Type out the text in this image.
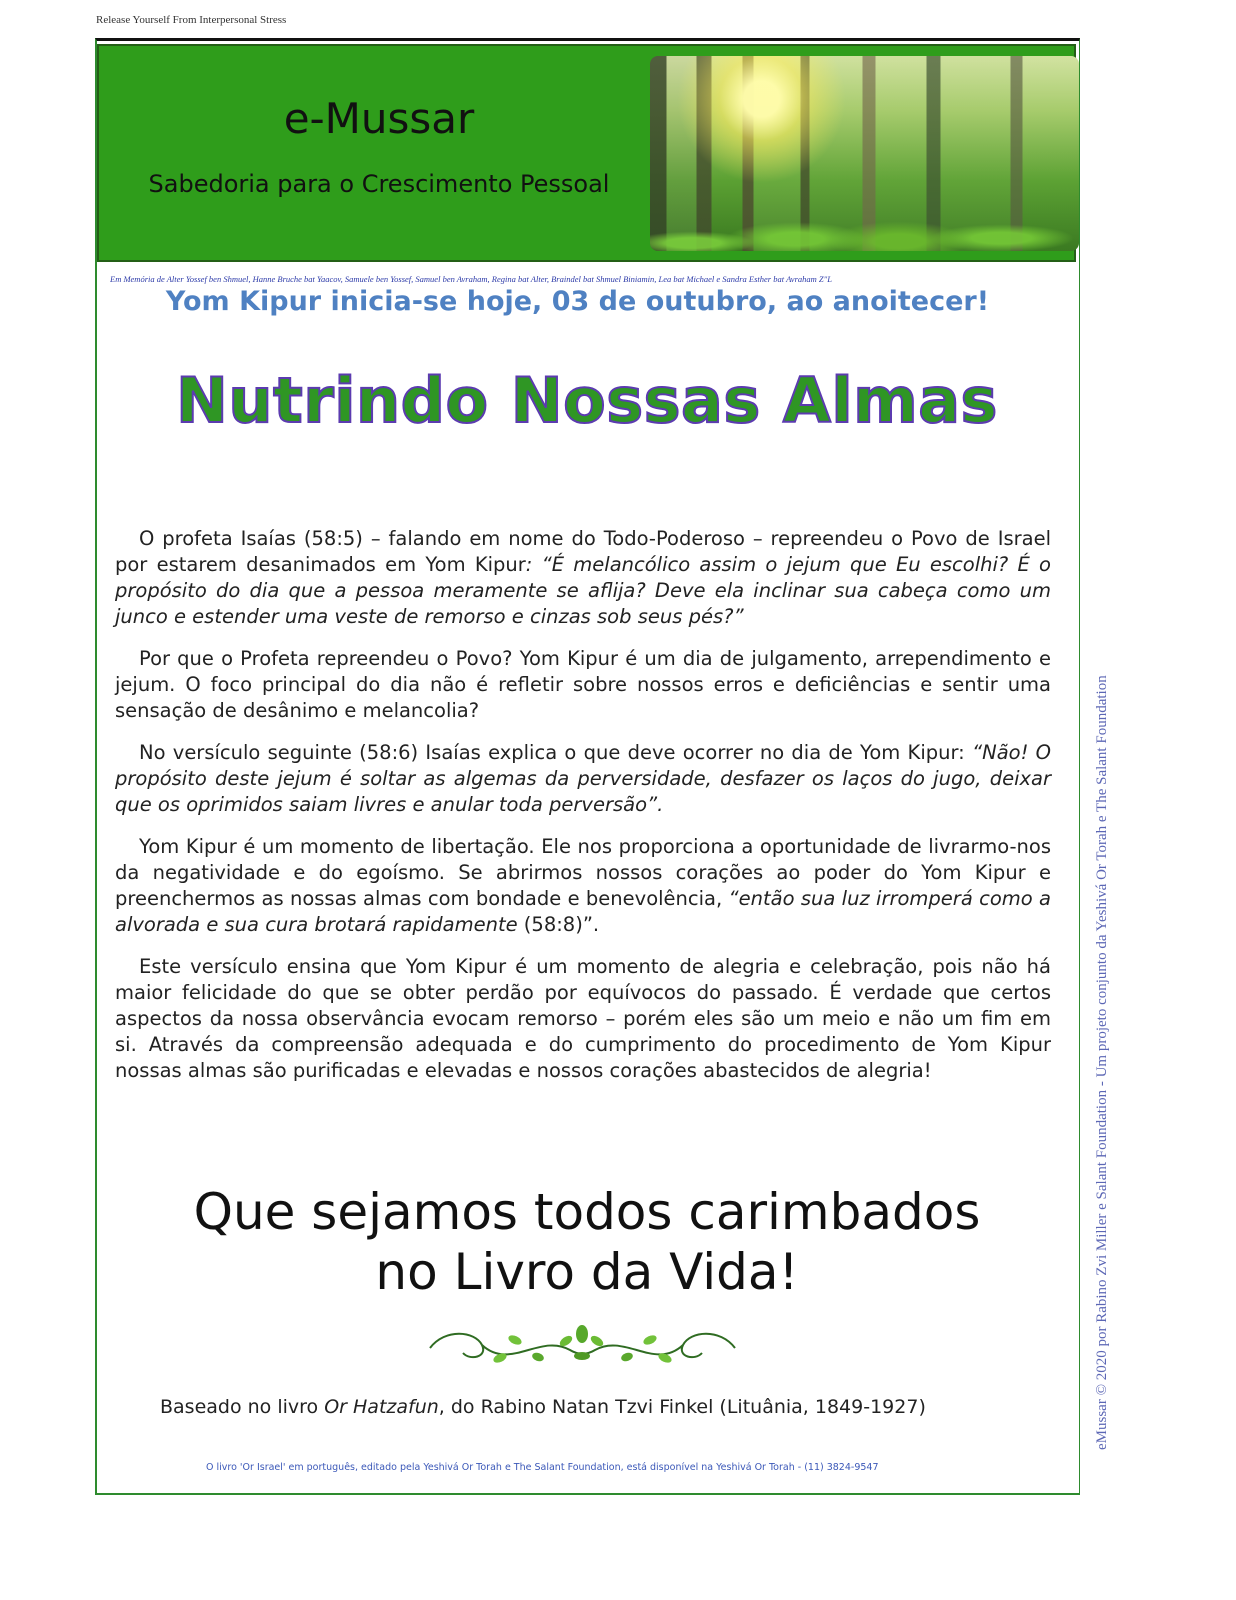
Release Yourself From Interpersonal Stress
e-Mussar
Sabedoria para o Crescimento Pessoal
Em Memória de Alter Yossef ben Shmuel, Hanne Bruche bat Yaacov, Samuele ben Yossef, Samuel ben Avraham, Regina bat Alter, Braindel bat Shmuel Biniamin, Lea bat Michael e Sandra Esther bat Avraham Z"L
Yom Kipur inicia-se hoje, 03 de outubro, ao anoitecer!
Nutrindo Nossas Almas

O profeta Isaías (58:5) – falando em nome do Todo-Poderoso – repreendeu o Povo de Israel por estarem desanimados em Yom Kipur: “É melancólico assim o jejum que Eu escolhi? É o propósito do dia que a pessoa meramente se aflija? Deve ela inclinar sua cabeça como um junco e estender uma veste de remorso e cinzas sob seus pés?”

Por que o Profeta repreendeu o Povo? Yom Kipur é um dia de julgamento, arrependimento e jejum. O foco principal do dia não é refletir sobre nossos erros e deficiências e sentir uma sensação de desânimo e melancolia?

No versículo seguinte (58:6) Isaías explica o que deve ocorrer no dia de Yom Kipur: “Não! O propósito deste jejum é soltar as algemas da perversidade, desfazer os laços do jugo, deixar que os oprimidos saiam livres e anular toda perversão”.

Yom Kipur é um momento de libertação. Ele nos proporciona a oportunidade de livrarmo-nos da negatividade e do egoísmo. Se abrirmos nossos corações ao poder do Yom Kipur e preenchermos as nossas almas com bondade e benevolência, “então sua luz irromperá como a alvorada e sua cura brotará rapidamente (58:8)”.

Este versículo ensina que Yom Kipur é um momento de alegria e celebração, pois não há maior felicidade do que se obter perdão por equívocos do passado. É verdade que certos aspectos da nossa observância evocam remorso – porém eles são um meio e não um fim em si. Através da compreensão adequada e do cumprimento do procedimento de Yom Kipur nossas almas são purificadas e elevadas e nossos corações abastecidos de alegria!

Que sejamos todos carimbados
no Livro da Vida!
Baseado no livro Or Hatzafun, do Rabino Natan Tzvi Finkel (Lituânia, 1849-1927)
O livro 'Or Israel' em português, editado pela Yeshivá Or Torah e The Salant Foundation, está disponível na Yeshivá Or Torah - (11) 3824-9547
eMussar © 2020 por Rabino Zvi Miller e Salant Foundation - Um projeto conjunto da Yeshivá Or Torah e The Salant Foundation
